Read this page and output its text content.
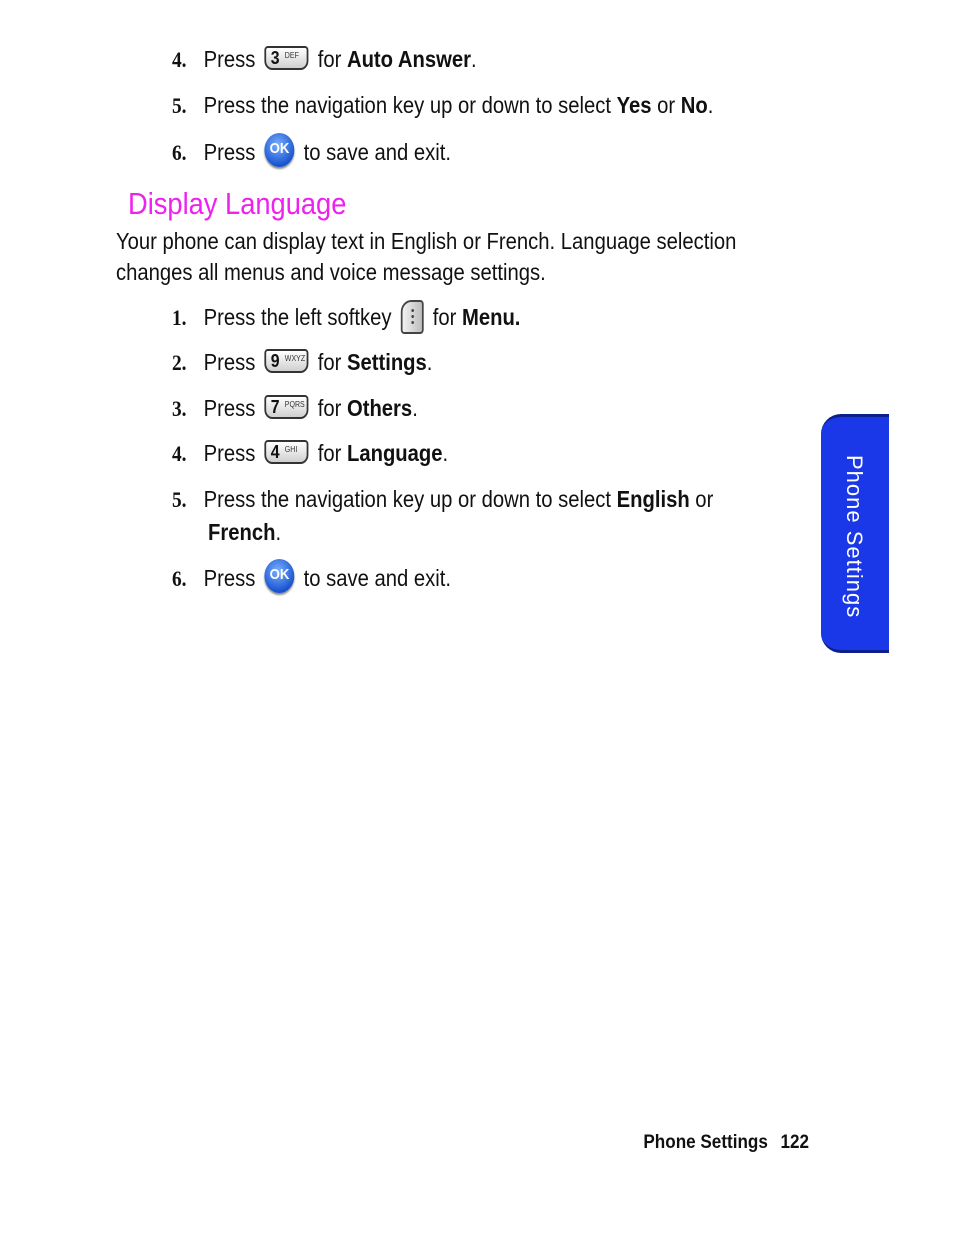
4. Press 3 DEF for Auto Answer.
5. Press the navigation key up or down to select Yes or No.
6. Press OK to save and exit.
Display Language
Your phone can display text in English or French. Language selection changes all menus and voice message settings.
1. Press the left softkey for Menu.
2. Press 9 WXYZ for Settings.
3. Press 7 PQRS for Others.
4. Press 4 GHI for Language.
5. Press the navigation key up or down to select English or
French.
6. Press OK to save and exit.	Phone Settings
Phone Settings 122
